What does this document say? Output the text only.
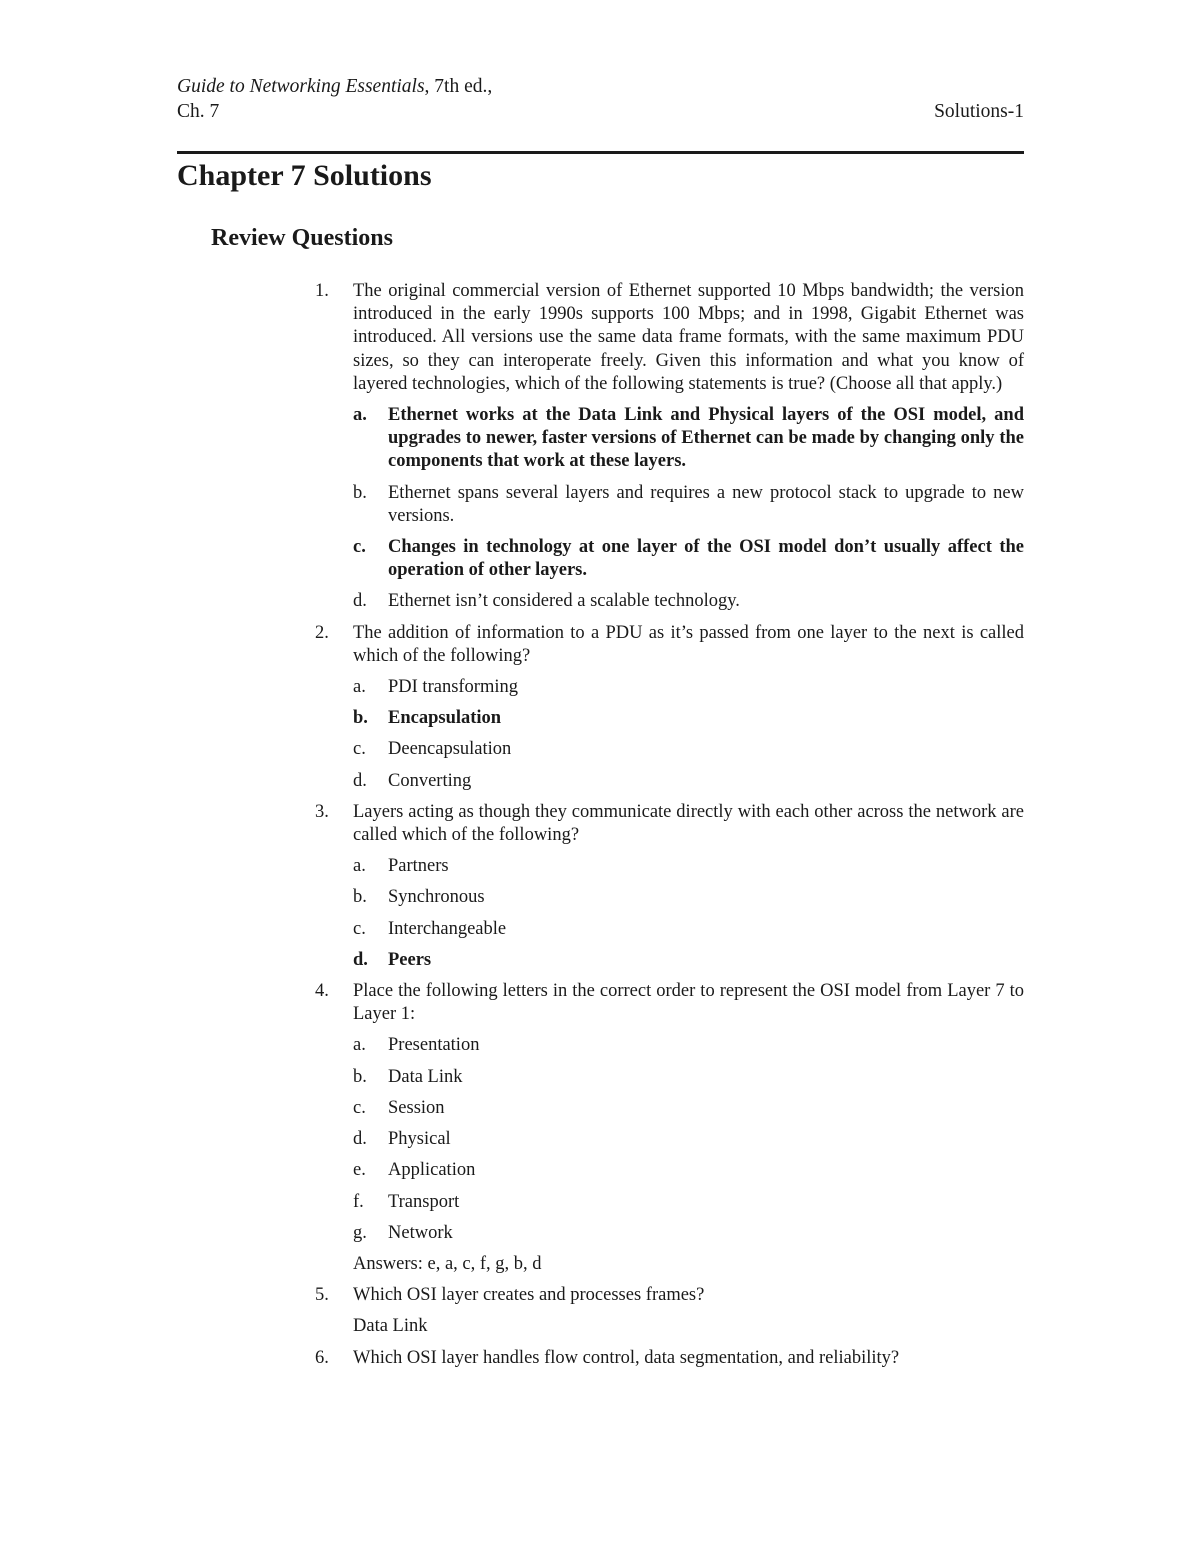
Guide to Networking Essentials, 7th ed.,
Ch. 7	Solutions-1
Chapter 7 Solutions
Review Questions
1.	The original commercial version of Ethernet supported 10 Mbps bandwidth; the version introduced in the early 1990s supports 100 Mbps; and in 1998, Gigabit Ethernet was introduced. All versions use the same data frame formats, with the same maximum PDU sizes, so they can interoperate freely. Given this information and what you know of layered technologies, which of the following statements is true? (Choose all that apply.)
a.	Ethernet works at the Data Link and Physical layers of the OSI model, and upgrades to newer, faster versions of Ethernet can be made by changing only the components that work at these layers.
b.	Ethernet spans several layers and requires a new protocol stack to upgrade to new versions.
c.	Changes in technology at one layer of the OSI model don’t usually affect the operation of other layers.
d.	Ethernet isn’t considered a scalable technology.
2.	The addition of information to a PDU as it’s passed from one layer to the next is called which of the following?
a.	PDI transforming
b.	Encapsulation
c.	Deencapsulation
d.	Converting
3.	Layers acting as though they communicate directly with each other across the network are called which of the following?
a.	Partners
b.	Synchronous
c.	Interchangeable
d.	Peers
4.	Place the following letters in the correct order to represent the OSI model from Layer 7 to Layer 1:
a.	Presentation
b.	Data Link
c.	Session
d.	Physical
e.	Application
f.	Transport
g.	Network
Answers: e, a, c, f, g, b, d
5.	Which OSI layer creates and processes frames?
Data Link
6.	Which OSI layer handles flow control, data segmentation, and reliability?
